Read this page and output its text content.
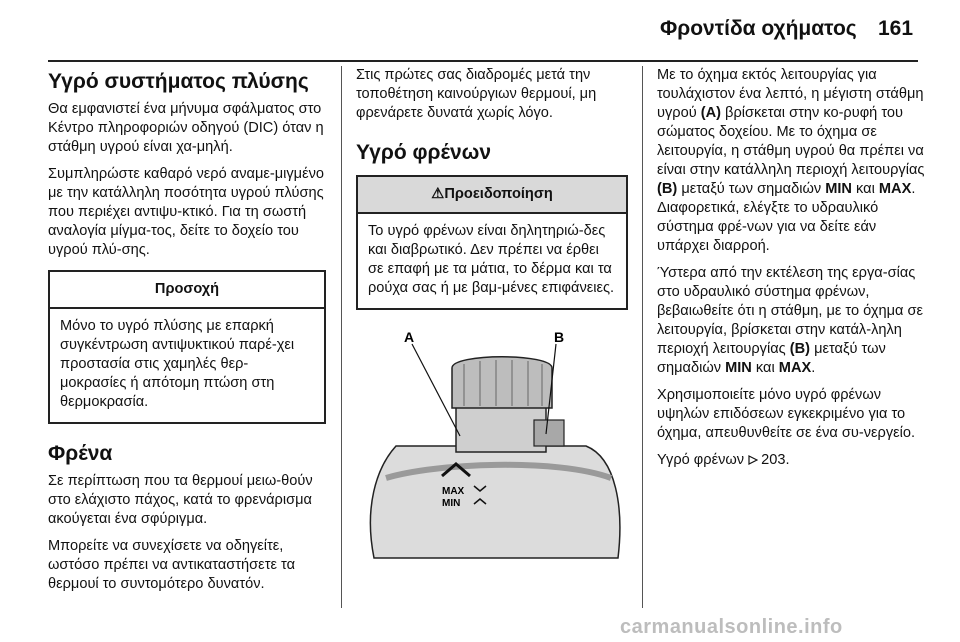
Φροντίδα οχήματος 161
Υγρό συστήματος πλύσης

Θα εμφανιστεί ένα μήνυμα σφάλματος στο Κέντρο πληροφοριών οδηγού (DIC) όταν η στάθμη υγρού είναι χα-μηλή.

Συμπληρώστε καθαρό νερό αναμε-μιγμένο με την κατάλληλη ποσότητα υγρού πλύσης που περιέχει αντιψυ-κτικό. Για τη σωστή αναλογία μίγμα-τος, δείτε το δοχείο του υγρού πλύ-σης.

Προσοχή
Μόνο το υγρό πλύσης με επαρκή συγκέντρωση αντιψυκτικού παρέ-χει προστασία στις χαμηλές θερ-μοκρασίες ή απότομη πτώση στη θερμοκρασία.
Φρένα

Σε περίπτωση που τα θερμουί μειω-θούν στο ελάχιστο πάχος, κατά το φρενάρισμα ακούγεται ένα σφύριγμα.

Μπορείτε να συνεχίσετε να οδηγείτε, ωστόσο πρέπει να αντικαταστήσετε τα θερμουί το συντομότερο δυνατόν.

Στις πρώτες σας διαδρομές μετά την τοποθέτηση καινούργιων θερμουί, μη φρενάρετε δυνατά χωρίς λόγο.

Υγρό φρένων
⚠Προειδοποίηση
Το υγρό φρένων είναι δηλητηριώ-δες και διαβρωτικό. Δεν πρέπει να έρθει σε επαφή με τα μάτια, το δέρμα και τα ρούχα σας ή με βαμ-μένες επιφάνειες.
A	B
MAX
MIN

Με το όχημα εκτός λειτουργίας για τουλάχιστον ένα λεπτό, η μέγιστη στάθμη υγρού (A) βρίσκεται στην κο-ρυφή του σώματος δοχείου. Με το όχημα σε λειτουργία, η στάθμη υγρού θα πρέπει να είναι στην κατάλληλη περιοχή λειτουργίας (B) μεταξύ των σημαδιών MIN και MAX. Διαφορετικά, ελέγξτε το υδραυλικό σύστημα φρέ-νων για να δείτε εάν υπάρχει διαρροή.

Ύστερα από την εκτέλεση της εργα-σίας στο υδραυλικό σύστημα φρένων, βεβαιωθείτε ότι η στάθμη, με το όχημα σε λειτουργία, βρίσκεται στην κατάλ-ληλη περιοχή λειτουργίας (B) μεταξύ των σημαδιών MIN και MAX.

Χρησιμοποιείτε μόνο υγρό φρένων υψηλών επιδόσεων εγκεκριμένο για το όχημα, απευθυνθείτε σε ένα συ-νεργείο.

Υγρό φρένων 203.

carmanualsonline.info
